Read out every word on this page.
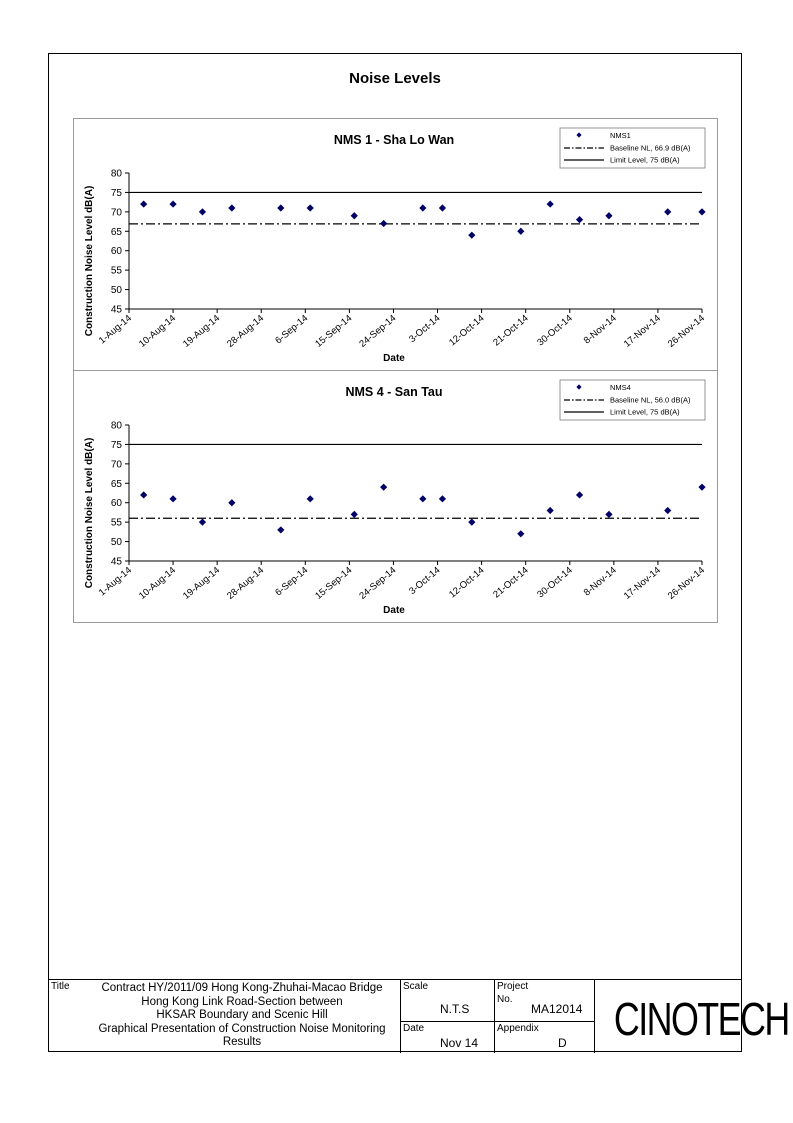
Noise Levels
NMS 1 - Sha Lo Wan
45
50
55
60
65
70
75
80
1-Aug-14 10-Aug-14 19-Aug-14 28-Aug-14 6-Sep-14 15-Sep-14 24-Sep-14 3-Oct-14 12-Oct-14 21-Oct-14 30-Oct-14 8-Nov-14 17-Nov-14 26-Nov-14
Date
Construction Noise Level dB(A)
NMS1
Baseline NL, 66.9 dB(A)
Limit Level, 75 dB(A)
NMS 4 - San Tau
45
50
55
60
65
70
75
80
1-Aug-14 10-Aug-14 19-Aug-14 28-Aug-14 6-Sep-14 15-Sep-14 24-Sep-14 3-Oct-14 12-Oct-14 21-Oct-14 30-Oct-14 8-Nov-14 17-Nov-14 26-Nov-14
Date
Construction Noise Level dB(A)
NMS4
Baseline NL, 56.0 dB(A)
Limit Level, 75 dB(A)
Title	Contract HY/2011/09 Hong Kong-Zhuhai-Macao Bridge
Hong Kong Link Road-Section between
HKSAR Boundary and Scenic Hill
Graphical Presentation of Construction Noise Monitoring
Results
Scale
N.T.S
Date
Nov 14
Project
No.
MA12014
Appendix
D CINOTECH
